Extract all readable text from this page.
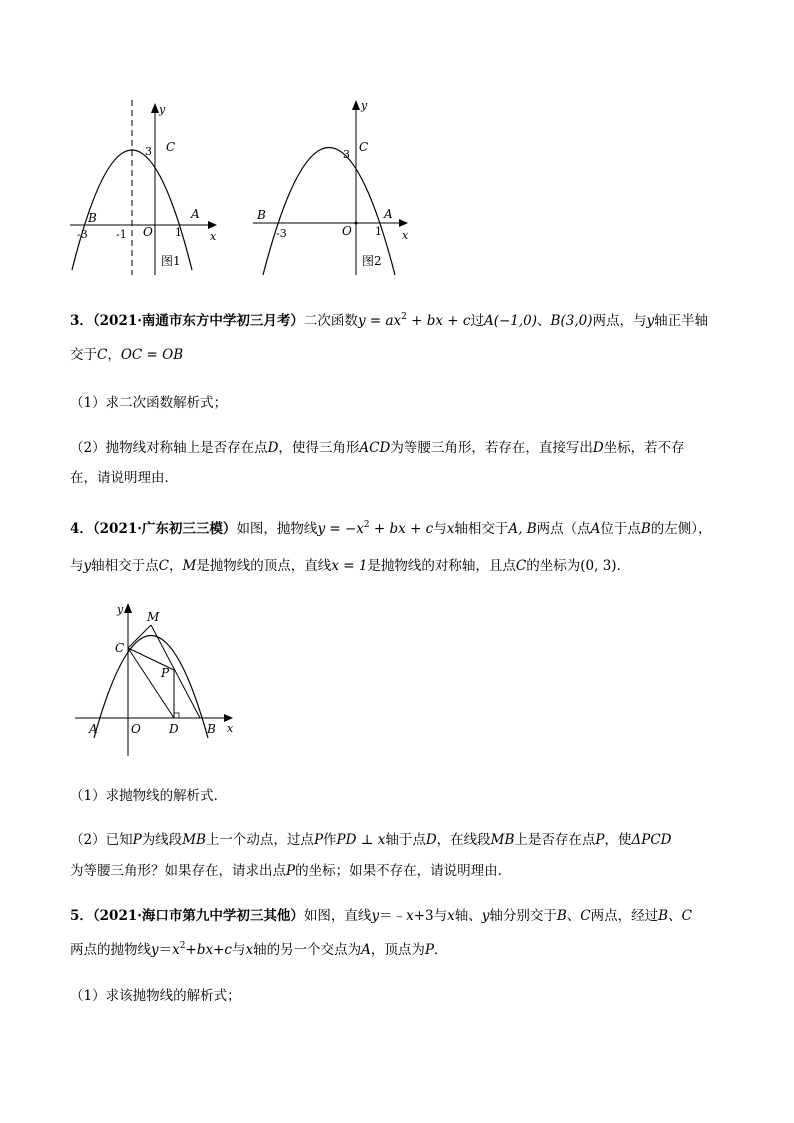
y
x
C
3
B	A
-3	-1 O 1
图1
y
x
C
3
B	A
-3	O 1
图2
3．（2021·南通市东方中学初三月考）二次函数$y = ax^2$ + bx + c过A(−1,0)、B(3,0)两点，与y轴正半轴
交于C，OC = OB
（1）求二次函数解析式；
（2）抛物线对称轴上是否存在点D，使得三角形ACD为等腰三角形，若存在，直接写出D坐标，若不存
在，请说明理由．
4．（2021·广东初三三模）如图，抛物线$y = -x^2$ + bx + c与x轴相交于A, B两点（点A位于点B的左侧），
与y轴相交于点C，M是抛物线的顶点，直线x = 1是抛物线的对称轴，且点C的坐标为(0, 3)．
y
x
M
C
P
A	O D B
（1）求抛物线的解析式．
（2）已知P为线段MB上一个动点，过点P作PD ⊥ x轴于点D，在线段MB上是否存在点P，使ΔPCD
为等腰三角形？如果存在，请求出点P的坐标；如果不存在，请说明理由．
5．（2021·海口市第九中学初三其他）如图，直线y＝﹣x+3与x轴、y轴分别交于B、C两点，经过B、C
两点的抛物线$y=x^2+bx+c$与x轴的另一个交点为A，顶点为P．
（1）求该抛物线的解析式；
